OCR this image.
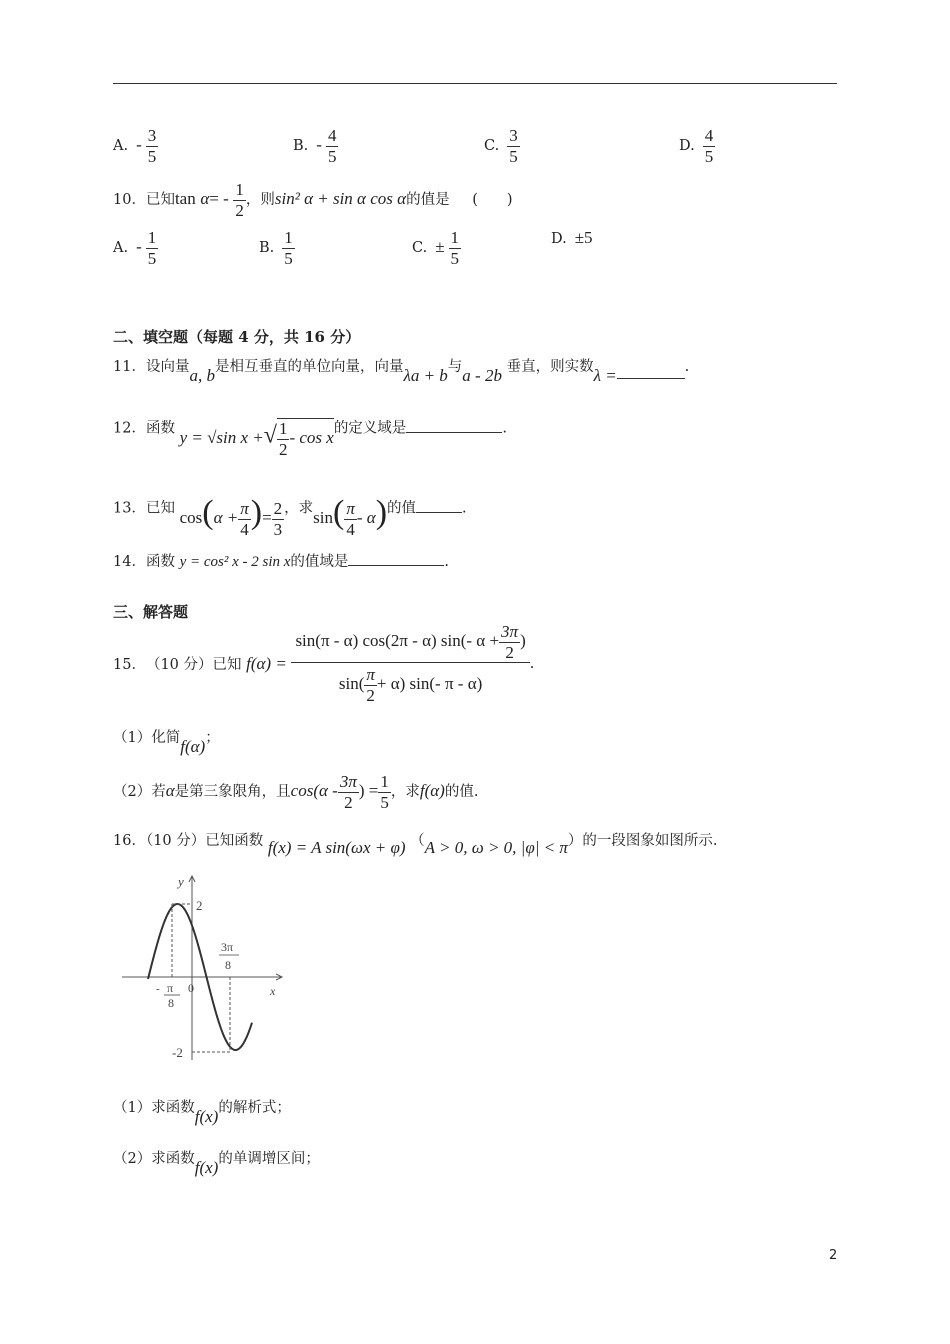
A. - $\frac{3}{5}$	B. - $\frac{4}{5}$	C. $\frac{3}{5}$	D. $\frac{4}{5}$
10．已知$\tan \alpha= - \frac{1}{2}$ ，则sin² α + sin α cos α的值是 (　　)
A. - $\frac{1}{5}$	B. $\frac{1}{5}$	C. ± $\frac{1}{5}$	D. ±5
二、填空题（每题 4 分，共 16 分）
11．设向量a, b是相互垂直的单位向量，向量λa + b与a - 2b 垂直，则实数λ =	.
12．函数 y = √sin x +√ $\frac{1}{2}$ - cos x的定义域是	.
13．已知 $\cos(\alpha + \frac{\pi}{4}$ )= $\frac{2}{3}$ ，求$\sin( \frac{\pi}{4} - \alpha)$的值	.
14．函数 y = cos² x - 2 sin x的值域是	.
三、解答题
15．（10 分）已知 $f(\alpha) = \frac{\sin(\pi - \alpha) \cos(2\pi - \alpha) \sin(- \alpha + \frac{3\pi}{2} )}{\sin( \frac{\pi}{2} + \alpha) \sin(- \pi - \alpha)}$ .
（1）化简f(α)；
（2）若α是第三象限角，且$\cos(\alpha - \frac{3\pi}{2}$ ) = $\frac{1}{5}$ ，求f(α)的值.
16．（10 分）已知函数 f(x) = A sin(ωx + φ) （A > 0, ω > 0, |φ| < π）的一段图象如图所示.
y
x
2
-2
0
- π
8
3π
8
（1）求函数f(x)的解析式；
（2）求函数f(x)的单调增区间；
2
